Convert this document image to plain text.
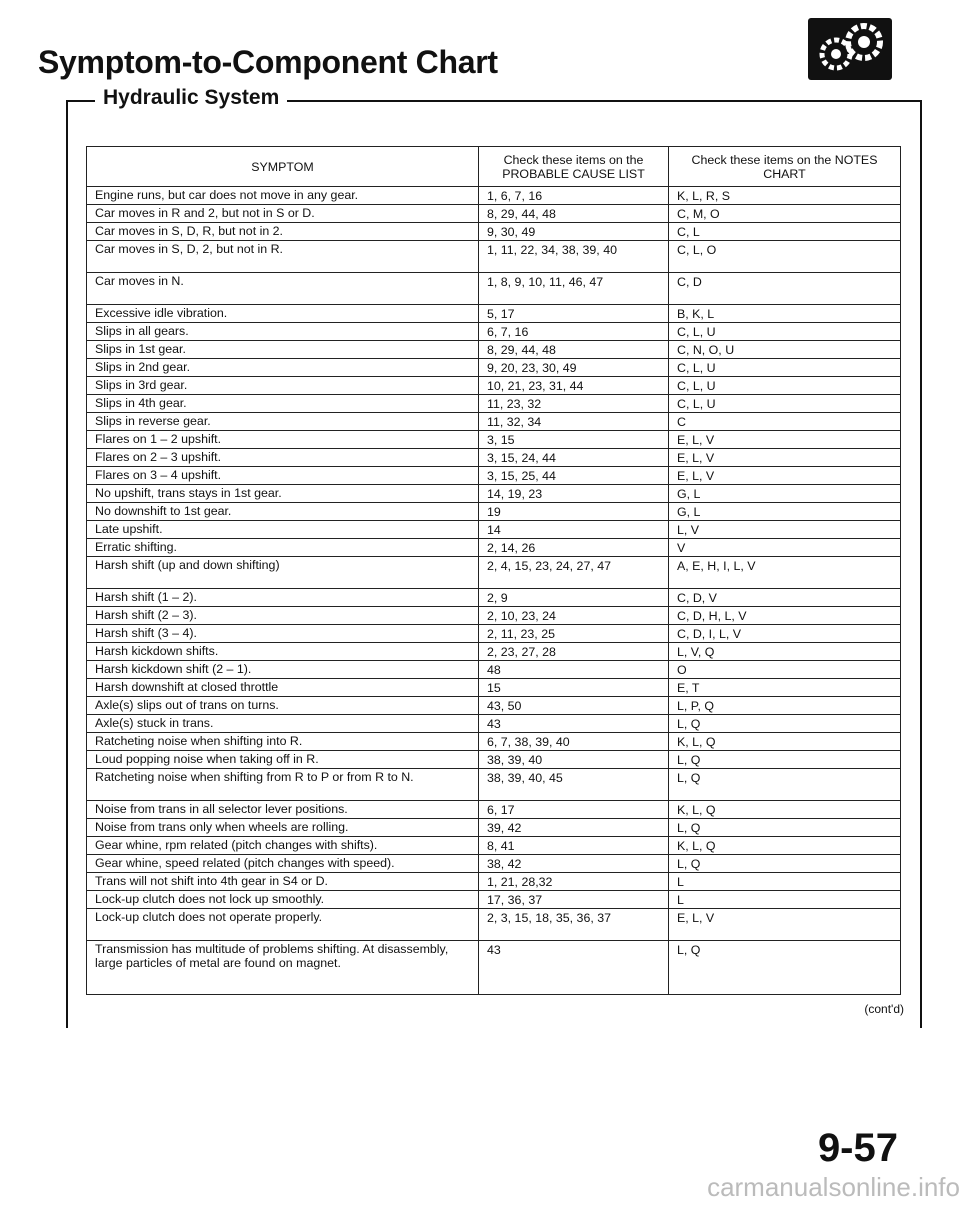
Symptom-to-Component Chart
Hydraulic System
SYMPTOM	Check these items on the PROBABLE CAUSE LIST	Check these items on the NOTES CHART
Engine runs, but car does not move in any gear.	1, 6, 7, 16	K, L, R, S
Car moves in R and 2, but not in S or D.	8, 29, 44, 48	C, M, O
Car moves in S, D, R, but not in 2.	9, 30, 49	C, L
Car moves in S, D, 2, but not in R.	1, 11, 22, 34, 38, 39, 40	C, L, O
Car moves in N.	1, 8, 9, 10, 11, 46, 47	C, D
Excessive idle vibration.	5, 17	B, K, L
Slips in all gears.	6, 7, 16	C, L, U
Slips in 1st gear.	8, 29, 44, 48	C, N, O, U
Slips in 2nd gear.	9, 20, 23, 30, 49	C, L, U
Slips in 3rd gear.	10, 21, 23, 31, 44	C, L, U
Slips in 4th gear.	11, 23, 32	C, L, U
Slips in reverse gear.	11, 32, 34	C
Flares on 1 – 2 upshift.	3, 15	E, L, V
Flares on 2 – 3 upshift.	3, 15, 24, 44	E, L, V
Flares on 3 – 4 upshift.	3, 15, 25, 44	E, L, V
No upshift, trans stays in 1st gear.	14, 19, 23	G, L
No downshift to 1st gear.	19	G, L
Late upshift.	14	L, V
Erratic shifting.	2, 14, 26	V
Harsh shift (up and down shifting)	2, 4, 15, 23, 24, 27, 47	A, E, H, I, L, V
Harsh shift (1 – 2).	2, 9	C, D, V
Harsh shift (2 – 3).	2, 10, 23, 24	C, D, H, L, V
Harsh shift (3 – 4).	2, 11, 23, 25	C, D, I, L, V
Harsh kickdown shifts.	2, 23, 27, 28	L, V, Q
Harsh kickdown shift (2 – 1).	48	O
Harsh downshift at closed throttle	15	E, T
Axle(s) slips out of trans on turns.	43, 50	L, P, Q
Axle(s) stuck in trans.	43	L, Q
Ratcheting noise when shifting into R.	6, 7, 38, 39, 40	K, L, Q
Loud popping noise when taking off in R.	38, 39, 40	L, Q
Ratcheting noise when shifting from R to P or from R to N.	38, 39, 40, 45	L, Q
Noise from trans in all selector lever positions.	6, 17	K, L, Q
Noise from trans only when wheels are rolling.	39, 42	L, Q
Gear whine, rpm related (pitch changes with shifts).	8, 41	K, L, Q
Gear whine, speed related (pitch changes with speed).	38, 42	L, Q
Trans will not shift into 4th gear in S4 or D.	1, 21, 28,32	L
Lock-up clutch does not lock up smoothly.	17, 36, 37	L
Lock-up clutch does not operate properly.	2, 3, 15, 18, 35, 36, 37	E, L, V
Transmission has multitude of problems shifting. At disassembly, large particles of metal are found on magnet.	43	L, Q
(cont'd)
9-57
carmanualsonline.info
